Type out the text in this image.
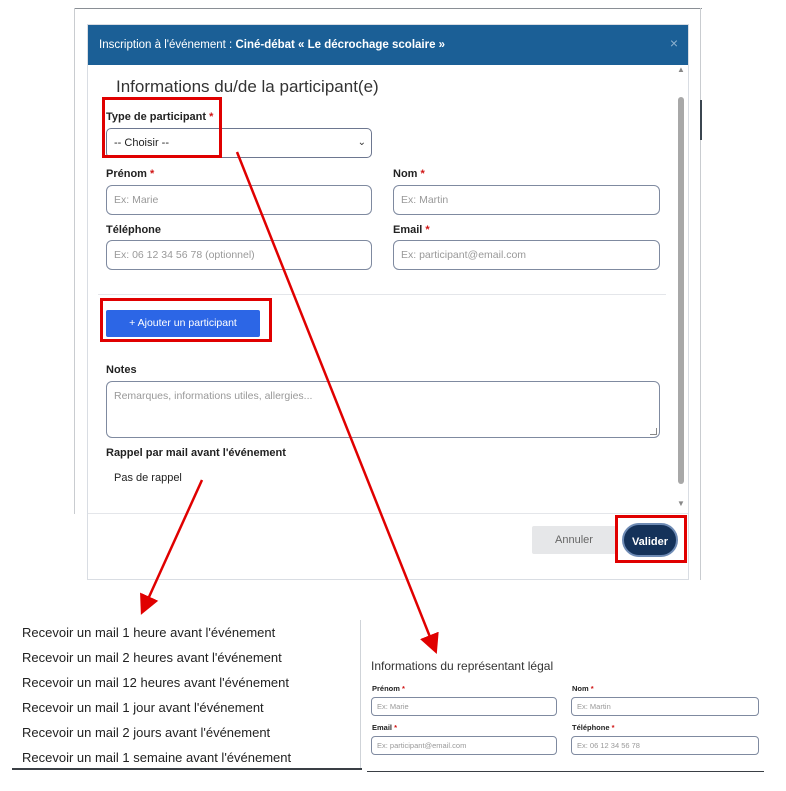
Inscription à l'événement : Ciné-débat « Le décrochage scolaire »	×
Informations du/de la participant(e)
Type de participant *
-- Choisir --	⌄
Prénom *
Ex: Marie
Nom *
Ex: Martin
Téléphone
Ex: 06 12 34 56 78 (optionnel)
Email *
Ex: participant@email.com
+ Ajouter un participant
Notes
Remarques, informations utiles, allergies...
Rappel par mail avant l'événement
Pas de rappel
▲
▼
Annuler	Valider
Recevoir un mail 1 heure avant l'événement
Recevoir un mail 2 heures avant l'événement
Recevoir un mail 12 heures avant l'événement
Recevoir un mail 1 jour avant l'événement
Recevoir un mail 2 jours avant l'événement
Recevoir un mail 1 semaine avant l'événement
Informations du représentant légal
Prénom *
Ex: Marie
Nom *
Ex: Martin
Email *
Ex: participant@email.com
Téléphone *
Ex: 06 12 34 56 78
